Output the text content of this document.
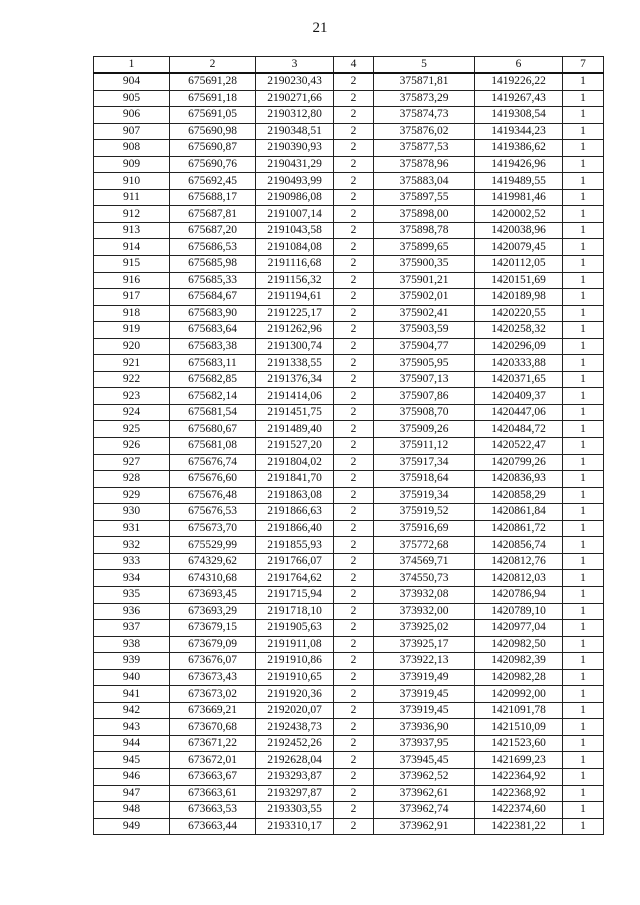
21
1	2	3	4	5	6	7
904	675691,28	2190230,43	2	375871,81	1419226,22	1
905	675691,18	2190271,66	2	375873,29	1419267,43	1
906	675691,05	2190312,80	2	375874,73	1419308,54	1
907	675690,98	2190348,51	2	375876,02	1419344,23	1
908	675690,87	2190390,93	2	375877,53	1419386,62	1
909	675690,76	2190431,29	2	375878,96	1419426,96	1
910	675692,45	2190493,99	2	375883,04	1419489,55	1
911	675688,17	2190986,08	2	375897,55	1419981,46	1
912	675687,81	2191007,14	2	375898,00	1420002,52	1
913	675687,20	2191043,58	2	375898,78	1420038,96	1
914	675686,53	2191084,08	2	375899,65	1420079,45	1
915	675685,98	2191116,68	2	375900,35	1420112,05	1
916	675685,33	2191156,32	2	375901,21	1420151,69	1
917	675684,67	2191194,61	2	375902,01	1420189,98	1
918	675683,90	2191225,17	2	375902,41	1420220,55	1
919	675683,64	2191262,96	2	375903,59	1420258,32	1
920	675683,38	2191300,74	2	375904,77	1420296,09	1
921	675683,11	2191338,55	2	375905,95	1420333,88	1
922	675682,85	2191376,34	2	375907,13	1420371,65	1
923	675682,14	2191414,06	2	375907,86	1420409,37	1
924	675681,54	2191451,75	2	375908,70	1420447,06	1
925	675680,67	2191489,40	2	375909,26	1420484,72	1
926	675681,08	2191527,20	2	375911,12	1420522,47	1
927	675676,74	2191804,02	2	375917,34	1420799,26	1
928	675676,60	2191841,70	2	375918,64	1420836,93	1
929	675676,48	2191863,08	2	375919,34	1420858,29	1
930	675676,53	2191866,63	2	375919,52	1420861,84	1
931	675673,70	2191866,40	2	375916,69	1420861,72	1
932	675529,99	2191855,93	2	375772,68	1420856,74	1
933	674329,62	2191766,07	2	374569,71	1420812,76	1
934	674310,68	2191764,62	2	374550,73	1420812,03	1
935	673693,45	2191715,94	2	373932,08	1420786,94	1
936	673693,29	2191718,10	2	373932,00	1420789,10	1
937	673679,15	2191905,63	2	373925,02	1420977,04	1
938	673679,09	2191911,08	2	373925,17	1420982,50	1
939	673676,07	2191910,86	2	373922,13	1420982,39	1
940	673673,43	2191910,65	2	373919,49	1420982,28	1
941	673673,02	2191920,36	2	373919,45	1420992,00	1
942	673669,21	2192020,07	2	373919,45	1421091,78	1
943	673670,68	2192438,73	2	373936,90	1421510,09	1
944	673671,22	2192452,26	2	373937,95	1421523,60	1
945	673672,01	2192628,04	2	373945,45	1421699,23	1
946	673663,67	2193293,87	2	373962,52	1422364,92	1
947	673663,61	2193297,87	2	373962,61	1422368,92	1
948	673663,53	2193303,55	2	373962,74	1422374,60	1
949	673663,44	2193310,17	2	373962,91	1422381,22	1
